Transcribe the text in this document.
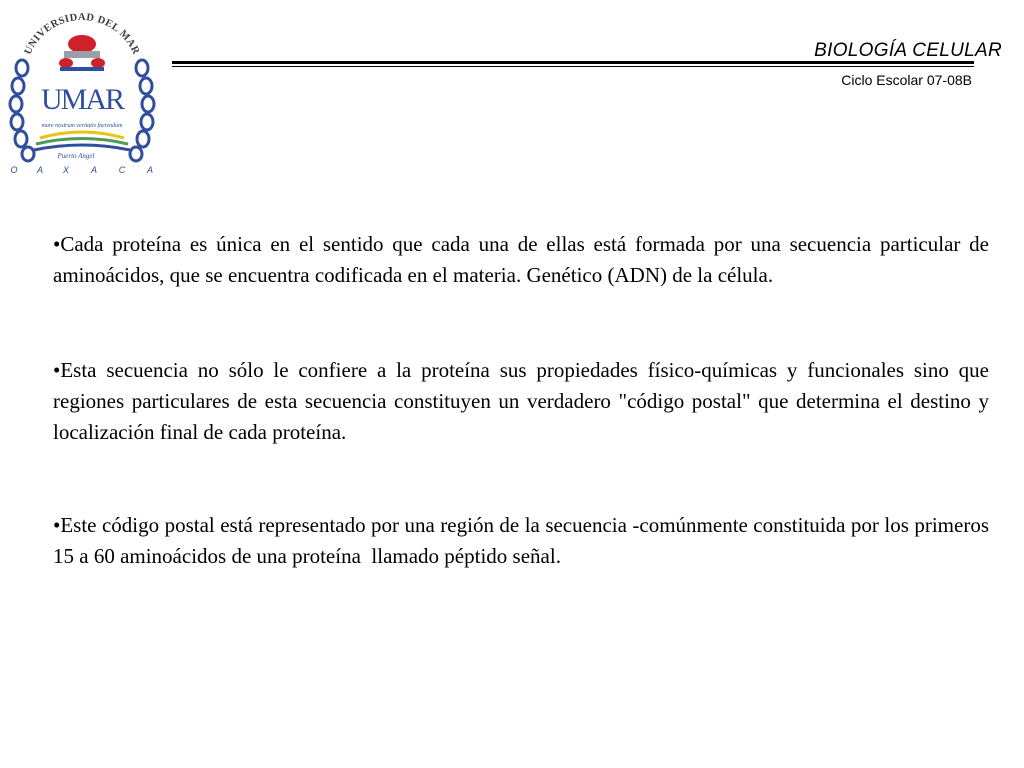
UNIVERSIDAD DEL MAR
UMAR
mare nostrum veritatis faciendum
Puerto Angel
O A X A C A
BIOLOGÍA CELULAR
Ciclo Escolar 07-08B

•Cada proteína es única en el sentido que cada una de ellas está formada por una secuencia particular de aminoácidos, que se encuentra codificada en el materia. Genético (ADN) de la célula.

•Esta secuencia no sólo le confiere a la proteína sus propiedades físico-químicas y funcionales sino que regiones particulares de esta secuencia constituyen un verdadero "código postal" que determina el destino y localización final de cada proteína.

•Este código postal está representado por una región de la secuencia -comúnmente constituida por los primeros 15 a 60 aminoácidos de una proteína  llamado péptido señal.
